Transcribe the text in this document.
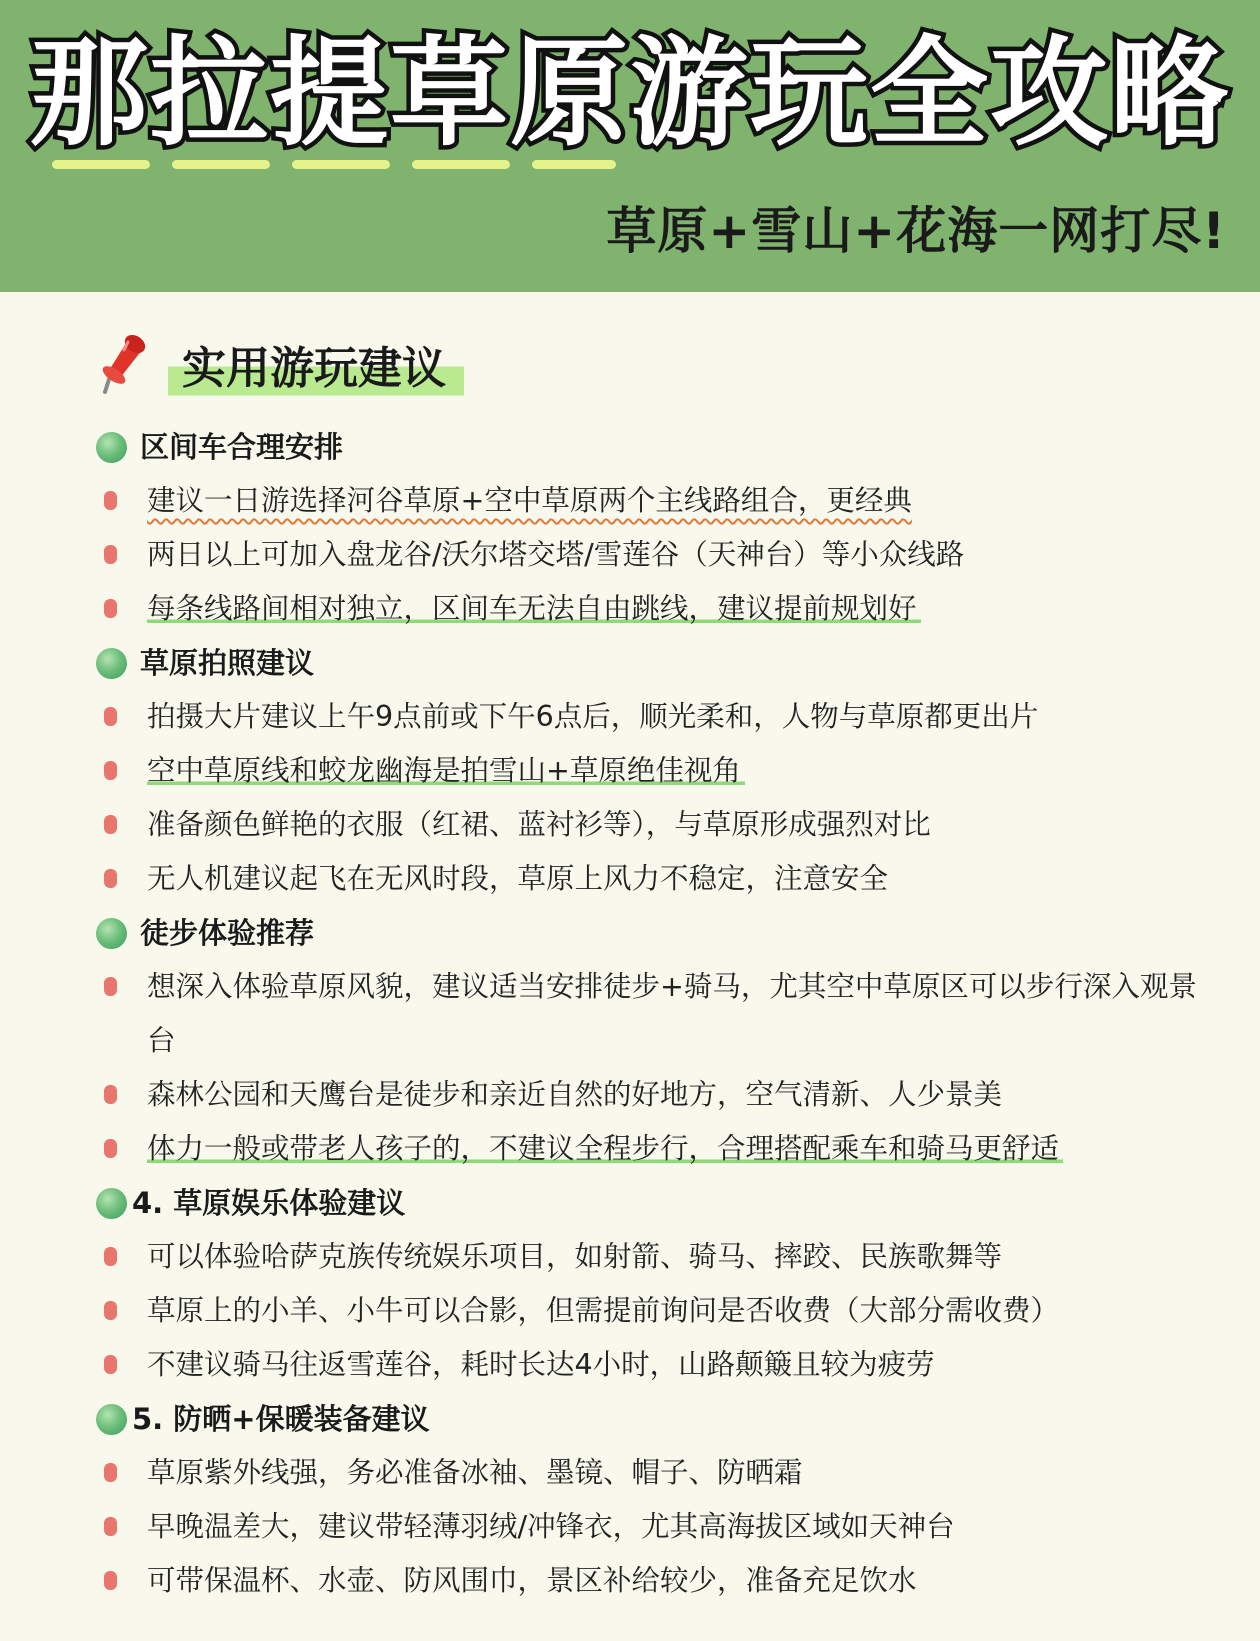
那拉提草原游玩全攻略
草原+雪山+花海一网打尽!
实用游玩建议
区间车合理安排
建议一日游选择河谷草原+空中草原两个主线路组合，更经典
两日以上可加入盘龙谷/沃尔塔交塔/雪莲谷（天神台）等小众线路
每条线路间相对独立，区间车无法自由跳线，建议提前规划好
草原拍照建议
拍摄大片建议上午9点前或下午6点后，顺光柔和，人物与草原都更出片
空中草原线和蛟龙幽海是拍雪山+草原绝佳视角
准备颜色鲜艳的衣服（红裙、蓝衬衫等），与草原形成强烈对比
无人机建议起飞在无风时段，草原上风力不稳定，注意安全
徒步体验推荐
想深入体验草原风貌，建议适当安排徒步+骑马，尤其空中草原区可以步行深入观景台
森林公园和天鹰台是徒步和亲近自然的好地方，空气清新、人少景美
体力一般或带老人孩子的，不建议全程步行，合理搭配乘车和骑马更舒适
4. 草原娱乐体验建议
可以体验哈萨克族传统娱乐项目，如射箭、骑马、摔跤、民族歌舞等
草原上的小羊、小牛可以合影，但需提前询问是否收费（大部分需收费）
不建议骑马往返雪莲谷，耗时长达4小时，山路颠簸且较为疲劳
5. 防晒+保暖装备建议
草原紫外线强，务必准备冰袖、墨镜、帽子、防晒霜
早晚温差大，建议带轻薄羽绒/冲锋衣，尤其高海拔区域如天神台
可带保温杯、水壶、防风围巾，景区补给较少，准备充足饮水
